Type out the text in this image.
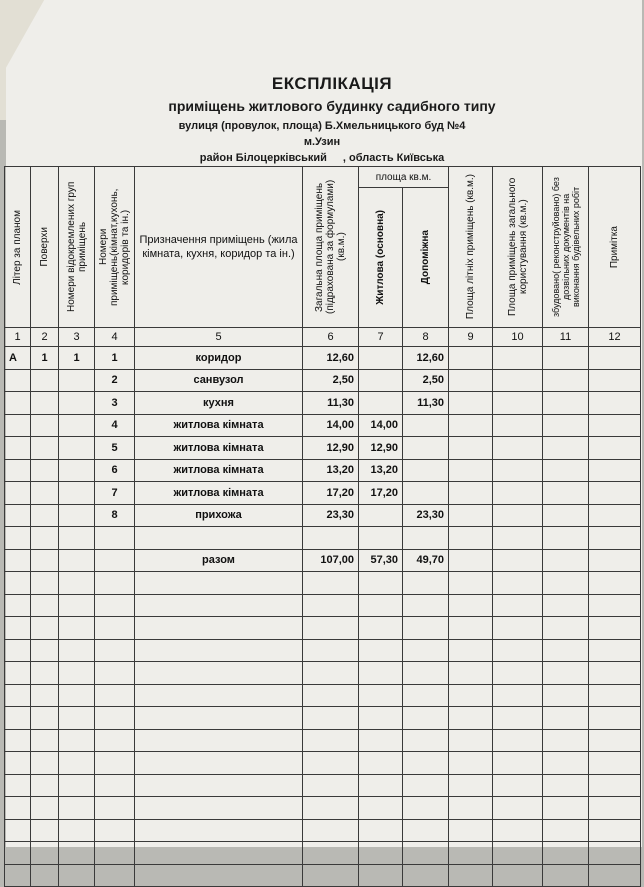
ЕКСПЛІКАЦІЯ
приміщень житлового будинку садибного типу
вулиця (провулок, площа) Б.Хмельницького буд №4
м.Узин
район Білоцерківський , область Київська
Літер за планом	Поверхи	Номери відокремлених груп приміщень	Номери приміщень(кімнат,кухонь, коридорів та ін.)	Призначення приміщень (жила кімната, кухня, коридор та ін.)	Загальна площа приміщень (підрахована за формулами) (кв.м.)	площа кв.м.		Площа літніх приміщень (кв.м.)	Площа приміщень загального користування (кв.м.)	збудовано( реконструйовано) без дозвільних документів на виконання будівельних робіт	Примітка

						Житлова (основна)	Допоміжна				

1	2	3	4	5	6	7	8	9	10	11	12
А	1	1	1	коридор	12,60		12,60				
			2	санвузол	2,50		2,50				
			3	кухня	11,30		11,30				
			4	житлова кімната	14,00	14,00					
			5	житлова кімната	12,90	12,90					
			6	житлова кімната	13,20	13,20					
			7	житлова кімната	17,20	17,20					
			8	прихожа	23,30		23,30				

				разом	107,00	57,30	49,70				
